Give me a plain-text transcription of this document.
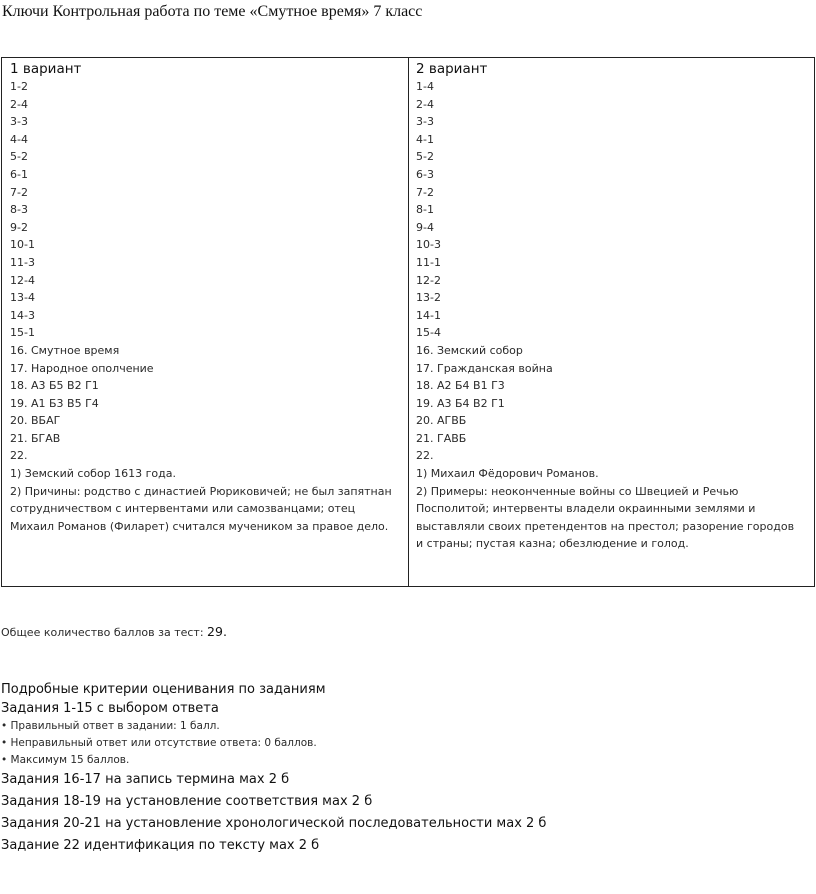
Ключи Контрольная работа по теме «Смутное время» 7 класс
1 вариант
1-2
2-4
3-3
4-4
5-2
6-1
7-2
8-3
9-2
10-1
11-3
12-4
13-4
14-3
15-1
16. Смутное время
17. Народное ополчение
18. А3 Б5 В2 Г1
19. А1 Б3 В5 Г4
20. ВБАГ
21. БГАВ
22.
1) Земский собор 1613 года.
2) Причины: родство с династией Рюриковичей; не был запятнан сотрудничеством с интервентами или самозванцами; отец Михаил Романов (Филарет) считался мучеником за правое дело.
2 вариант
1-4
2-4
3-3
4-1
5-2
6-3
7-2
8-1
9-4
10-3
11-1
12-2
13-2
14-1
15-4
16. Земский собор
17. Гражданская война
18. А2 Б4 В1 Г3
19. А3 Б4 В2 Г1
20. АГВБ
21. ГАВБ
22.
1) Михаил Фёдорович Романов.
2) Примеры: неоконченные войны со Швецией и Речью Посполитой; интервенты владели окраинными землями и выставляли своих претендентов на престол; разорение городов и страны; пустая казна; обезлюдение и голод.
Общее количество баллов за тест: 29.
Подробные критерии оценивания по заданиям
Задания 1-15 с выбором ответа
• Правильный ответ в задании: 1 балл.
• Неправильный ответ или отсутствие ответа: 0 баллов.
• Максимум 15 баллов.
Задания 16-17 на запись термина мах 2 б
Задания 18-19 на установление соответствия мах 2 б
Задания 20-21 на установление хронологической последовательности мах 2 б
Задание 22 идентификация по тексту мах 2 б
